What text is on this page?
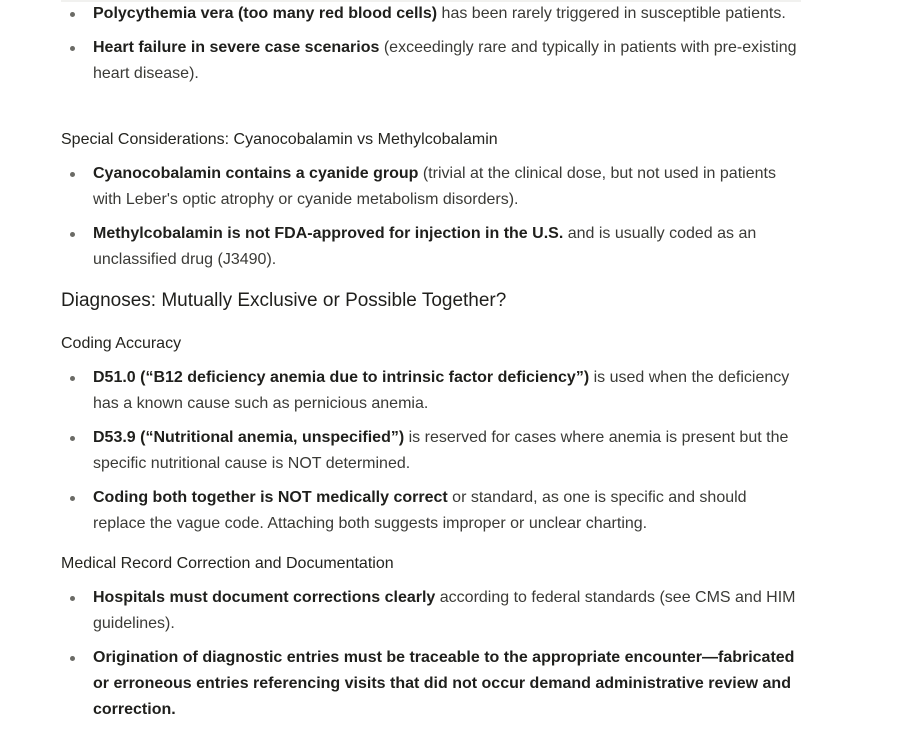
Polycythemia vera (too many red blood cells) has been rarely triggered in susceptible patients.
Heart failure in severe case scenarios (exceedingly rare and typically in patients with pre-existing heart disease).
Special Considerations: Cyanocobalamin vs Methylcobalamin
Cyanocobalamin contains a cyanide group (trivial at the clinical dose, but not used in patients with Leber's optic atrophy or cyanide metabolism disorders).
Methylcobalamin is not FDA-approved for injection in the U.S. and is usually coded as an unclassified drug (J3490).
Diagnoses: Mutually Exclusive or Possible Together?
Coding Accuracy
D51.0 (“B12 deficiency anemia due to intrinsic factor deficiency”) is used when the deficiency has a known cause such as pernicious anemia.
D53.9 (“Nutritional anemia, unspecified”) is reserved for cases where anemia is present but the specific nutritional cause is NOT determined.
Coding both together is NOT medically correct or standard, as one is specific and should replace the vague code. Attaching both suggests improper or unclear charting.
Medical Record Correction and Documentation
Hospitals must document corrections clearly according to federal standards (see CMS and HIM guidelines).
Origination of diagnostic entries must be traceable to the appropriate encounter—fabricated or erroneous entries referencing visits that did not occur demand administrative review and correction.
